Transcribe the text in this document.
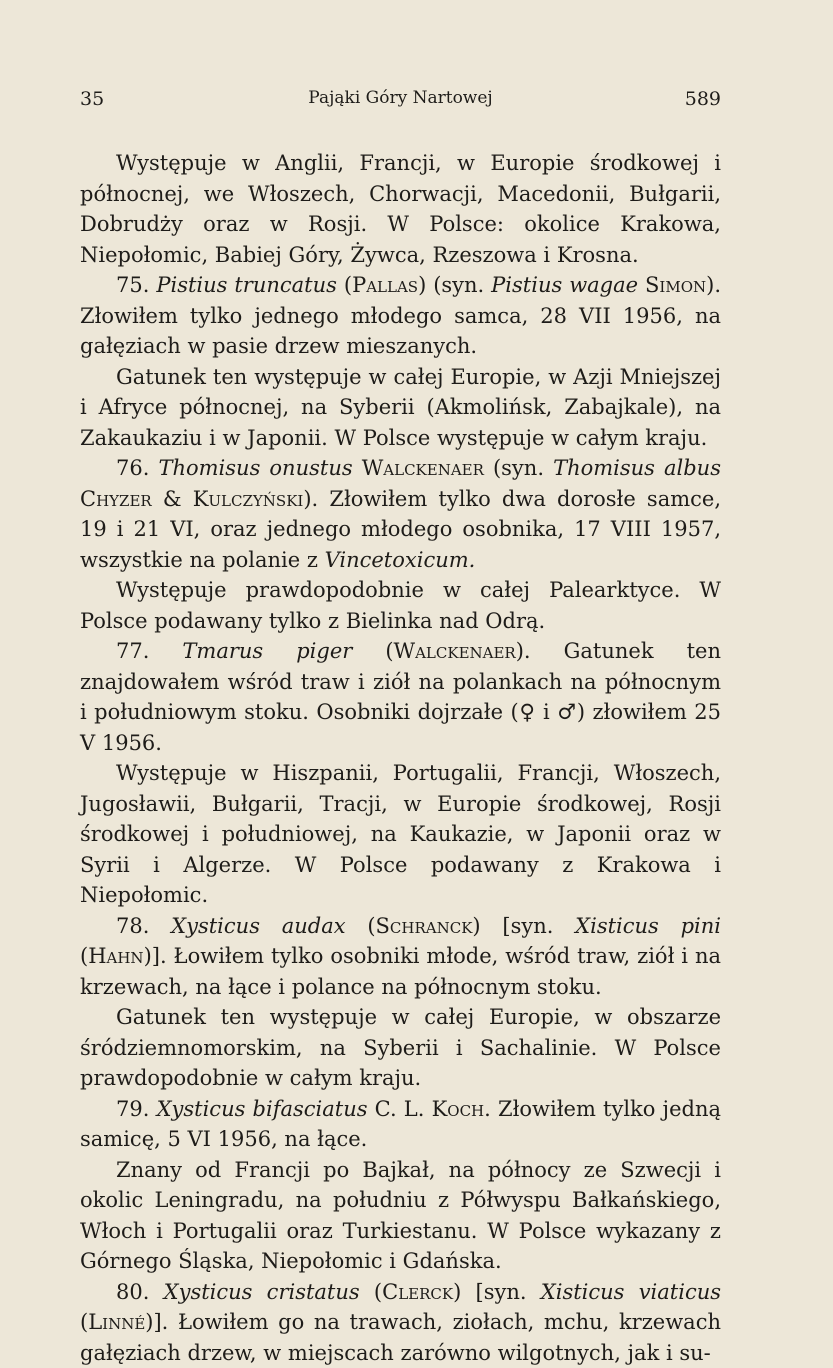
35	Pająki Góry Nartowej	589

Występuje w Anglii, Francji, w Europie środkowej i północnej, we Włoszech, Chorwacji, Macedonii, Bułgarii, Dobrudży oraz w Rosji. W Polsce: okolice Krakowa, Niepołomic, Babiej Góry, Żywca, Rzeszowa i Krosna.

75. Pistius truncatus (Pallas) (syn. Pistius wagae Simon). Złowiłem tylko jednego młodego samca, 28 VII 1956, na gałęziach w pasie drzew mieszanych.

Gatunek ten występuje w całej Europie, w Azji Mniejszej i Afryce północnej, na Syberii (Akmolińsk, Zabajkale), na Zakaukaziu i w Japonii. W Polsce występuje w całym kraju.

76. Thomisus onustus Walckenaer (syn. Thomisus albus Chyzer & Kulczyński). Złowiłem tylko dwa dorosłe samce, 19 i 21 VI, oraz jednego młodego osobnika, 17 VIII 1957, wszystkie na polanie z Vincetoxicum.

Występuje prawdopodobnie w całej Palearktyce. W Polsce podawany tylko z Bielinka nad Odrą.

77. Tmarus piger (Walckenaer). Gatunek ten znajdowałem wśród traw i ziół na polankach na północnym i południowym stoku. Osobniki dojrzałe (♀ i ♂) złowiłem 25 V 1956.

Występuje w Hiszpanii, Portugalii, Francji, Włoszech, Jugosławii, Bułgarii, Tracji, w Europie środkowej, Rosji środkowej i południowej, na Kaukazie, w Japonii oraz w Syrii i Algerze. W Polsce podawany z Krakowa i Niepołomic.

78. Xysticus audax (Schranck) [syn. Xisticus pini (Hahn)]. Łowiłem tylko osobniki młode, wśród traw, ziół i na krzewach, na łące i polance na północnym stoku.

Gatunek ten występuje w całej Europie, w obszarze śródziemnomorskim, na Syberii i Sachalinie. W Polsce prawdopodobnie w całym kraju.

79. Xysticus bifasciatus C. L. Koch. Złowiłem tylko jedną samicę, 5 VI 1956, na łące.

Znany od Francji po Bajkał, na północy ze Szwecji i okolic Leningradu, na południu z Półwyspu Bałkańskiego, Włoch i Portugalii oraz Turkiestanu. W Polsce wykazany z Górnego Śląska, Niepołomic i Gdańska.

80. Xysticus cristatus (Clerck) [syn. Xisticus viaticus (Linné)]. Łowiłem go na trawach, ziołach, mchu, krzewach gałęziach drzew, w miejscach zarówno wilgotnych, jak i su-
